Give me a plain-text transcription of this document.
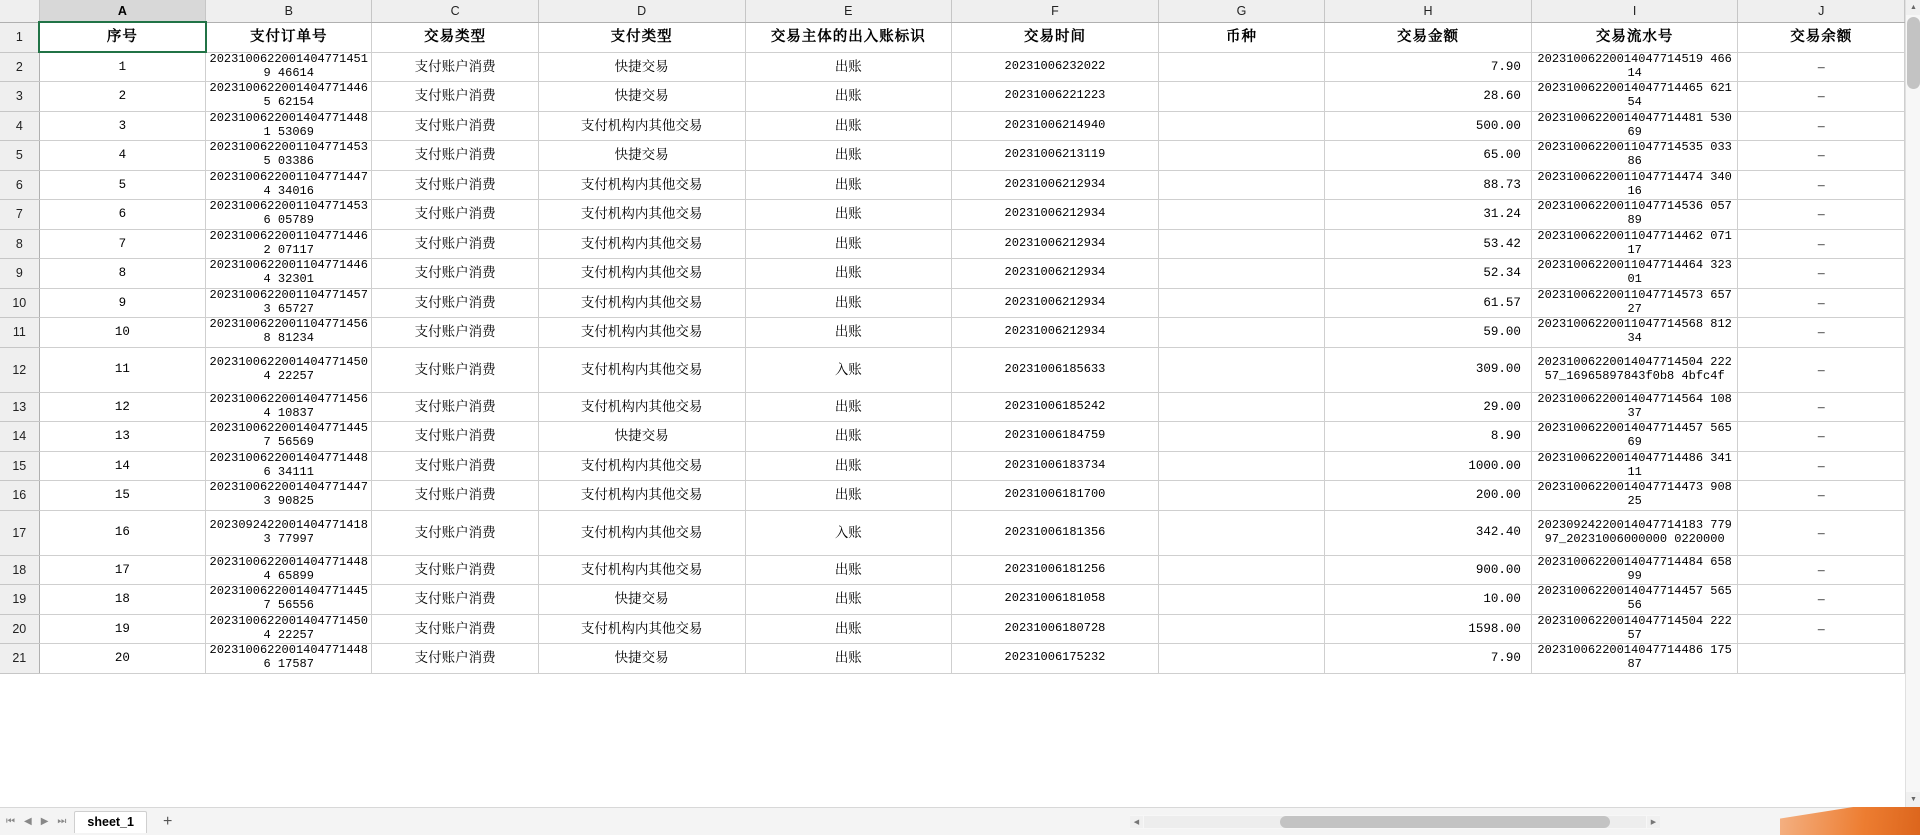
	A	B	C	D	E	F	G	H	I	J
1	序号	支付订单号	交易类型	支付类型	交易主体的出入账标识	交易时间	币种	交易金额	交易流水号	交易余额
2	1	20231006220014047714519 46614	支付账户消费	快捷交易	出账	20231006232022		7.90	20231006220014047714519 46614	–
3	2	20231006220014047714465 62154	支付账户消费	快捷交易	出账	20231006221223		28.60	20231006220014047714465 62154	–
4	3	20231006220014047714481 53069	支付账户消费	支付机构内其他交易	出账	20231006214940		500.00	20231006220014047714481 53069	–
5	4	20231006220011047714535 03386	支付账户消费	快捷交易	出账	20231006213119		65.00	20231006220011047714535 03386	–
6	5	20231006220011047714474 34016	支付账户消费	支付机构内其他交易	出账	20231006212934		88.73	20231006220011047714474 34016	–
7	6	20231006220011047714536 05789	支付账户消费	支付机构内其他交易	出账	20231006212934		31.24	20231006220011047714536 05789	–
8	7	20231006220011047714462 07117	支付账户消费	支付机构内其他交易	出账	20231006212934		53.42	20231006220011047714462 07117	–
9	8	20231006220011047714464 32301	支付账户消费	支付机构内其他交易	出账	20231006212934		52.34	20231006220011047714464 32301	–
10	9	20231006220011047714573 65727	支付账户消费	支付机构内其他交易	出账	20231006212934		61.57	20231006220011047714573 65727	–
11	10	20231006220011047714568 81234	支付账户消费	支付机构内其他交易	出账	20231006212934		59.00	20231006220011047714568 81234	–
12	11	20231006220014047714504 22257	支付账户消费	支付机构内其他交易	入账	20231006185633		309.00	20231006220014047714504 22257_16965897843f0b8 4bfc4f	–
13	12	20231006220014047714564 10837	支付账户消费	支付机构内其他交易	出账	20231006185242		29.00	20231006220014047714564 10837	–
14	13	20231006220014047714457 56569	支付账户消费	快捷交易	出账	20231006184759		8.90	20231006220014047714457 56569	–
15	14	20231006220014047714486 34111	支付账户消费	支付机构内其他交易	出账	20231006183734		1000.00	20231006220014047714486 34111	–
16	15	20231006220014047714473 90825	支付账户消费	支付机构内其他交易	出账	20231006181700		200.00	20231006220014047714473 90825	–
17	16	20230924220014047714183 77997	支付账户消费	支付机构内其他交易	入账	20231006181356		342.40	20230924220014047714183 77997_20231006000000 0220000	–
18	17	20231006220014047714484 65899	支付账户消费	支付机构内其他交易	出账	20231006181256		900.00	20231006220014047714484 65899	–
19	18	20231006220014047714457 56556	支付账户消费	快捷交易	出账	20231006181058		10.00	20231006220014047714457 56556	–
20	19	20231006220014047714504 22257	支付账户消费	支付机构内其他交易	出账	20231006180728		1598.00	20231006220014047714504 22257	–
21	20	20231006220014047714486 17587	支付账户消费	快捷交易	出账	20231006175232		7.90	20231006220014047714486 17587	
▲
▼
⏮ ◀ ▶ ⏭	sheet_1	+	◀	▶
